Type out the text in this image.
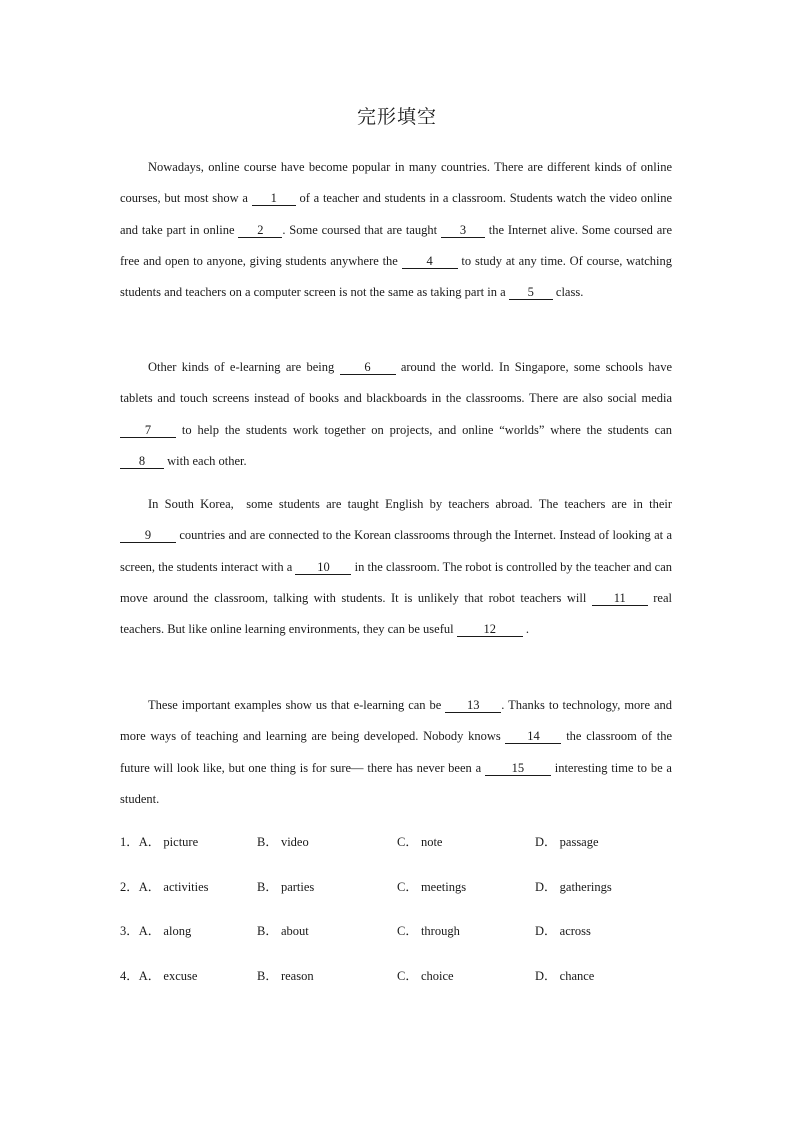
完形填空

Nowadays, online course have become popular in many countries. There are different kinds of online courses, but most show a 1 of a teacher and students in a classroom. Students watch the video online and take part in online 2 . Some coursed that are taught 3 the Internet alive. Some coursed are free and open to anyone, giving students anywhere the 4 to study at any time. Of course, watching students and teachers on a computer screen is not the same as taking part in a 5 class.

Other kinds of e-learning are being 6 around the world. In Singapore, some schools have tablets and touch screens instead of books and blackboards in the classrooms. There are also social media 7 to help the students work together on projects, and online “worlds” where the students can 8 with each other.

In South Korea,  some students are taught English by teachers abroad. The teachers are in their        9 countries and are connected to the Korean classrooms through the Internet. Instead of looking at a screen, the students interact with a 10 in the classroom. The robot is controlled by the teacher and can move around the classroom, talking with students. It is unlikely that robot teachers will 11 real teachers. But like online learning environments, they can be useful 12 .

These important examples show us that e-learning can be 13 . Thanks to technology, more and more ways of teaching and learning are being developed. Nobody knows 14 the classroom of the future will look like, but one thing is for sure— there has never been a 15 interesting time to be a student.

1．A． picture	B． video	C． note	D． passage
2．A． activities	B． parties	C． meetings	D． gatherings
3．A． along	B． about	C． through	D． across
4．A． excuse	B． reason	C． choice	D． chance
